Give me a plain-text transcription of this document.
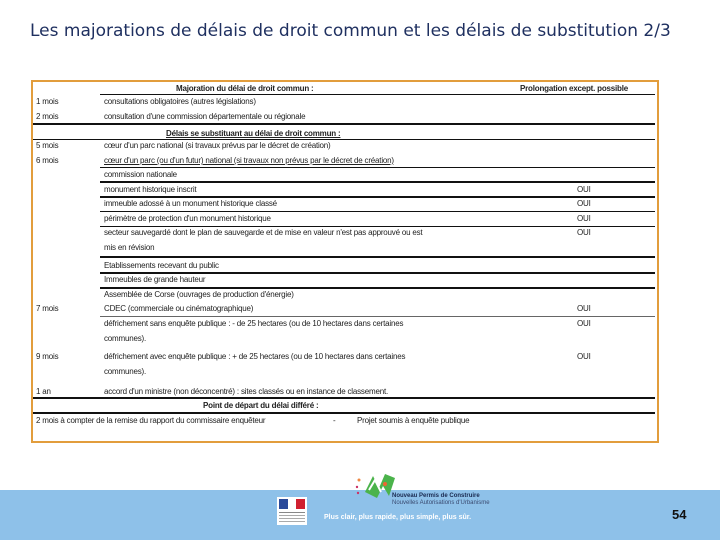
Les majorations de délais de droit commun et les délais de substitution 2/3
Majoration du délai de droit commun :	Prolongation except. possible
1 mois	consultations obligatoires (autres législations)
2 mois	consultation d'une commission départementale ou régionale
Délais se substituant au délai de droit commun :
5 mois	cœur d'un parc national (si travaux prévus par le décret de création)
6 mois	cœur d'un parc (ou d'un futur) national (si travaux non prévus par le décret de création)
commission nationale
monument historique inscrit	OUI
immeuble adossé à un monument historique classé	OUI
périmètre de protection d'un monument historique	OUI
secteur sauvegardé dont le plan de sauvegarde et de mise en valeur n'est pas approuvé ou est	OUI
mis en révision
Etablissements recevant du public
Immeubles de grande hauteur
Assemblée de Corse (ouvrages de production d'énergie)
7 mois	CDEC (commerciale ou cinématographique)	OUI
défrichement sans enquête publique : - de 25 hectares (ou de 10 hectares dans certaines	OUI
communes).
9 mois	défrichement avec enquête publique : + de 25 hectares (ou de 10 hectares dans certaines	OUI
communes).
1 an	accord d'un ministre (non déconcentré) : sites classés ou en instance de classement.
Point de départ du délai différé :
2 mois à compter de la remise du rapport du commissaire enquêteur	-	Projet soumis à enquête publique
Nouveau Permis de Construire
Nouvelles Autorisations d'Urbanisme
Plus clair, plus rapide, plus simple, plus sûr.	54
